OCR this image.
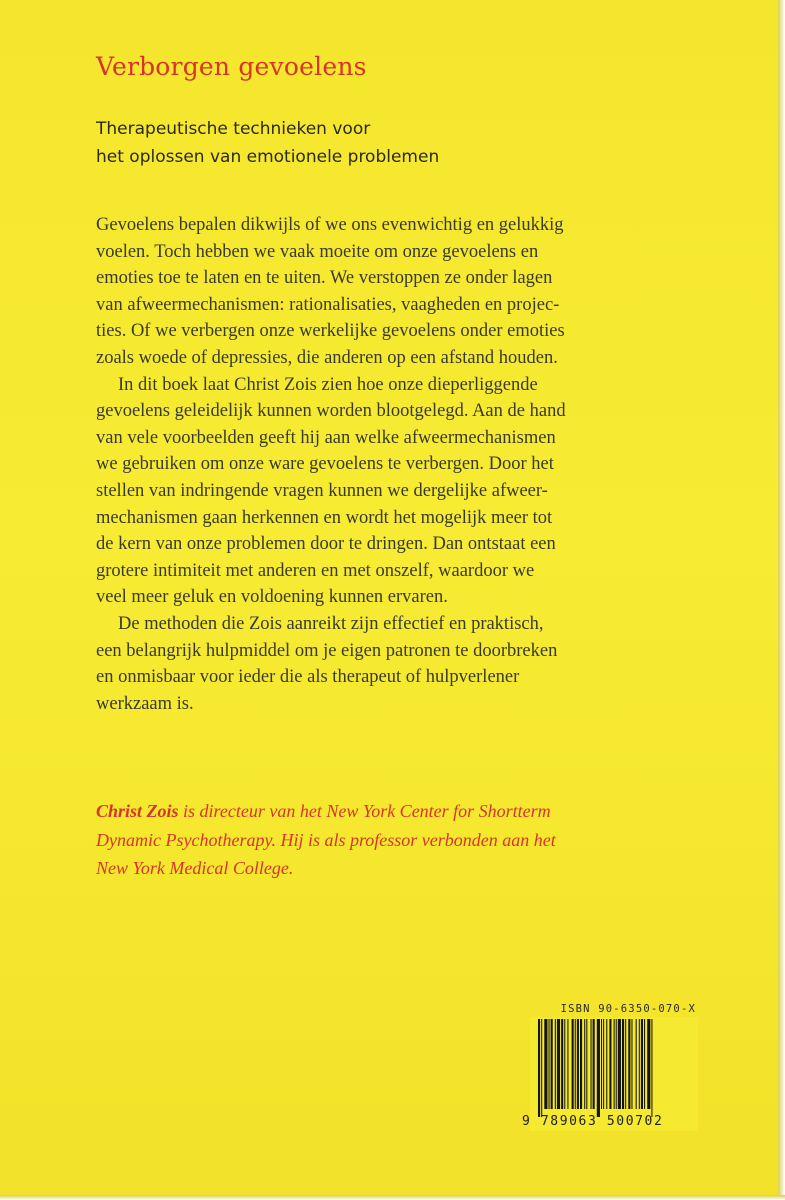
Verborgen gevoelens
Therapeutische technieken voor
het oplossen van emotionele problemen
Gevoelens bepalen dikwijls of we ons evenwichtig en gelukkig
voelen. Toch hebben we vaak moeite om onze gevoelens en
emoties toe te laten en te uiten. We verstoppen ze onder lagen
van afweermechanismen: rationalisaties, vaagheden en projec-
ties. Of we verbergen onze werkelijke gevoelens onder emoties
zoals woede of depressies, die anderen op een afstand houden.
In dit boek laat Christ Zois zien hoe onze dieperliggende
gevoelens geleidelijk kunnen worden blootgelegd. Aan de hand
van vele voorbeelden geeft hij aan welke afweermechanismen
we gebruiken om onze ware gevoelens te verbergen. Door het
stellen van indringende vragen kunnen we dergelijke afweer-
mechanismen gaan herkennen en wordt het mogelijk meer tot
de kern van onze problemen door te dringen. Dan ontstaat een
grotere intimiteit met anderen en met onszelf, waardoor we
veel meer geluk en voldoening kunnen ervaren.
De methoden die Zois aanreikt zijn effectief en praktisch,
een belangrijk hulpmiddel om je eigen patronen te doorbreken
en onmisbaar voor ieder die als therapeut of hulpverlener
werkzaam is.
Christ Zois is directeur van het New York Center for Shortterm
Dynamic Psychotherapy. Hij is als professor verbonden aan het
New York Medical College.
ISBN 90-6350-070-X
9 789063 500702
